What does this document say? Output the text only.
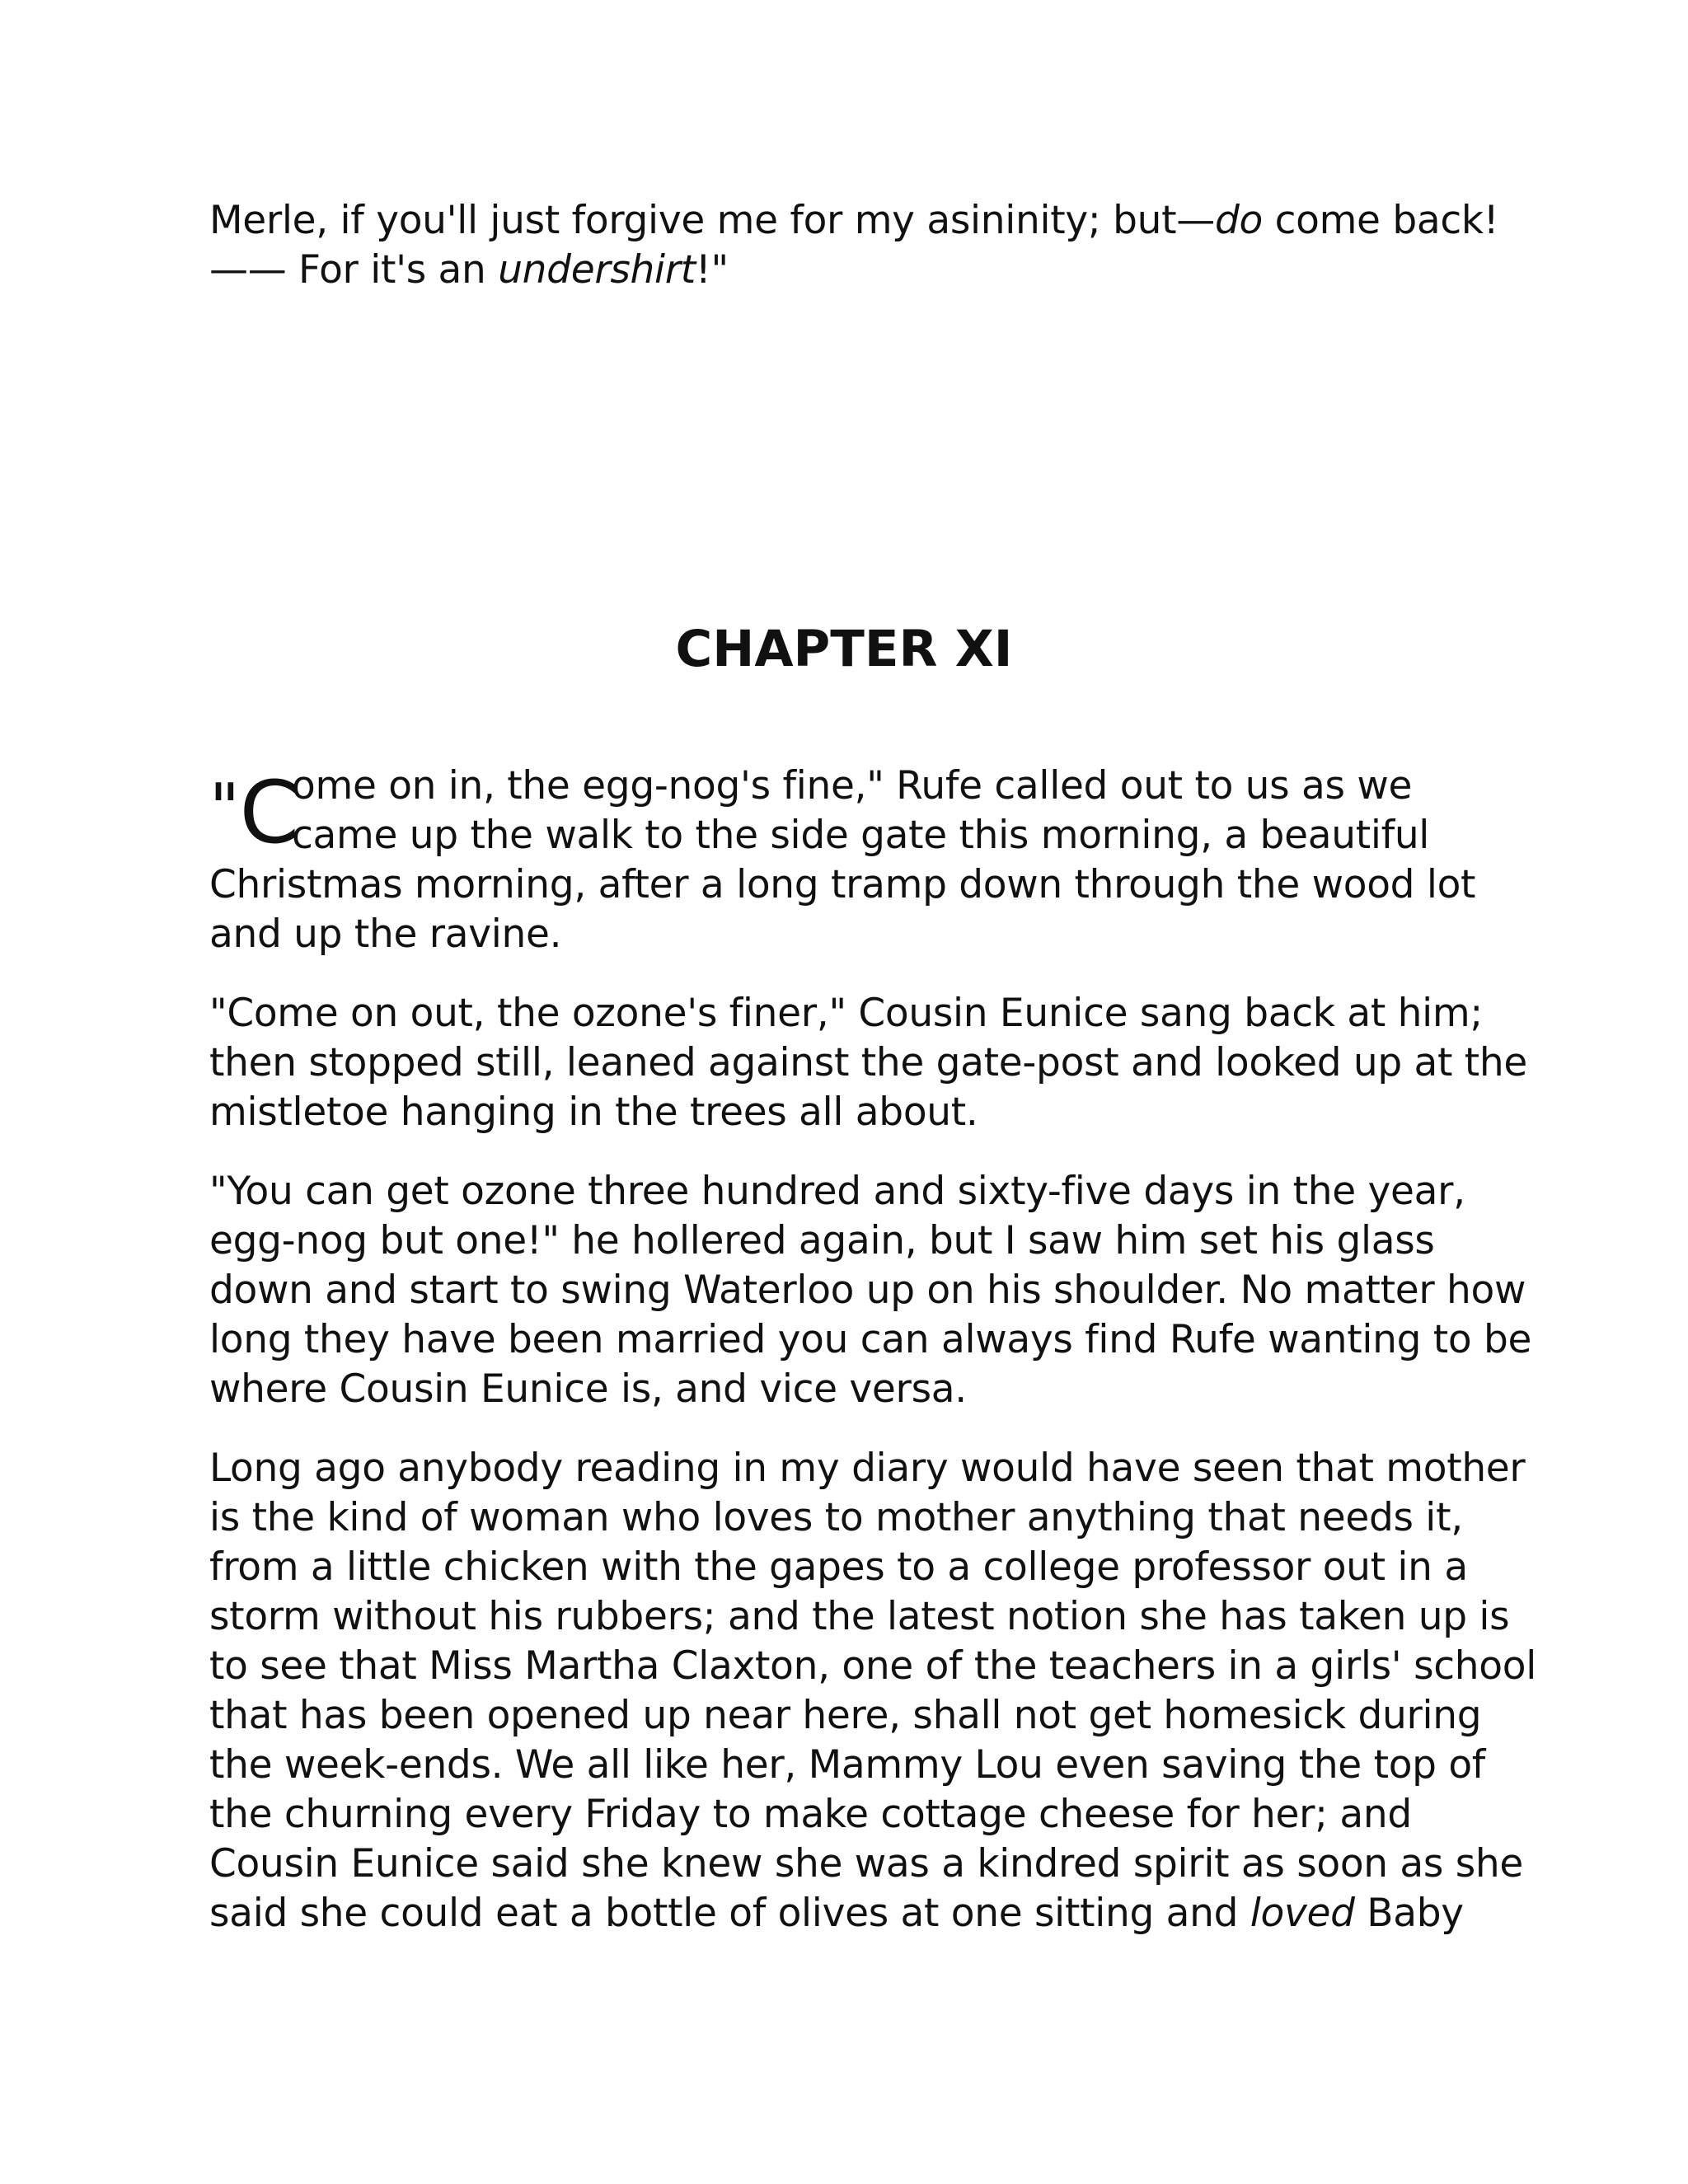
Merle, if you'll just forgive me for my asininity; but—do come back!
—— For it's an undershirt!"
CHAPTER XI
"C
ome on in, the egg-nog's fine," Rufe called out to us as we
came up the walk to the side gate this morning, a beautiful
Christmas morning, after a long tramp down through the wood lot
and up the ravine.
"Come on out, the ozone's finer," Cousin Eunice sang back at him;
then stopped still, leaned against the gate-post and looked up at the
mistletoe hanging in the trees all about.
"You can get ozone three hundred and sixty-five days in the year,
egg-nog but one!" he hollered again, but I saw him set his glass
down and start to swing Waterloo up on his shoulder. No matter how
long they have been married you can always find Rufe wanting to be
where Cousin Eunice is, and vice versa.
Long ago anybody reading in my diary would have seen that mother
is the kind of woman who loves to mother anything that needs it,
from a little chicken with the gapes to a college professor out in a
storm without his rubbers; and the latest notion she has taken up is
to see that Miss Martha Claxton, one of the teachers in a girls' school
that has been opened up near here, shall not get homesick during
the week-ends. We all like her, Mammy Lou even saving the top of
the churning every Friday to make cottage cheese for her; and
Cousin Eunice said she knew she was a kindred spirit as soon as she
said she could eat a bottle of olives at one sitting and loved Baby
